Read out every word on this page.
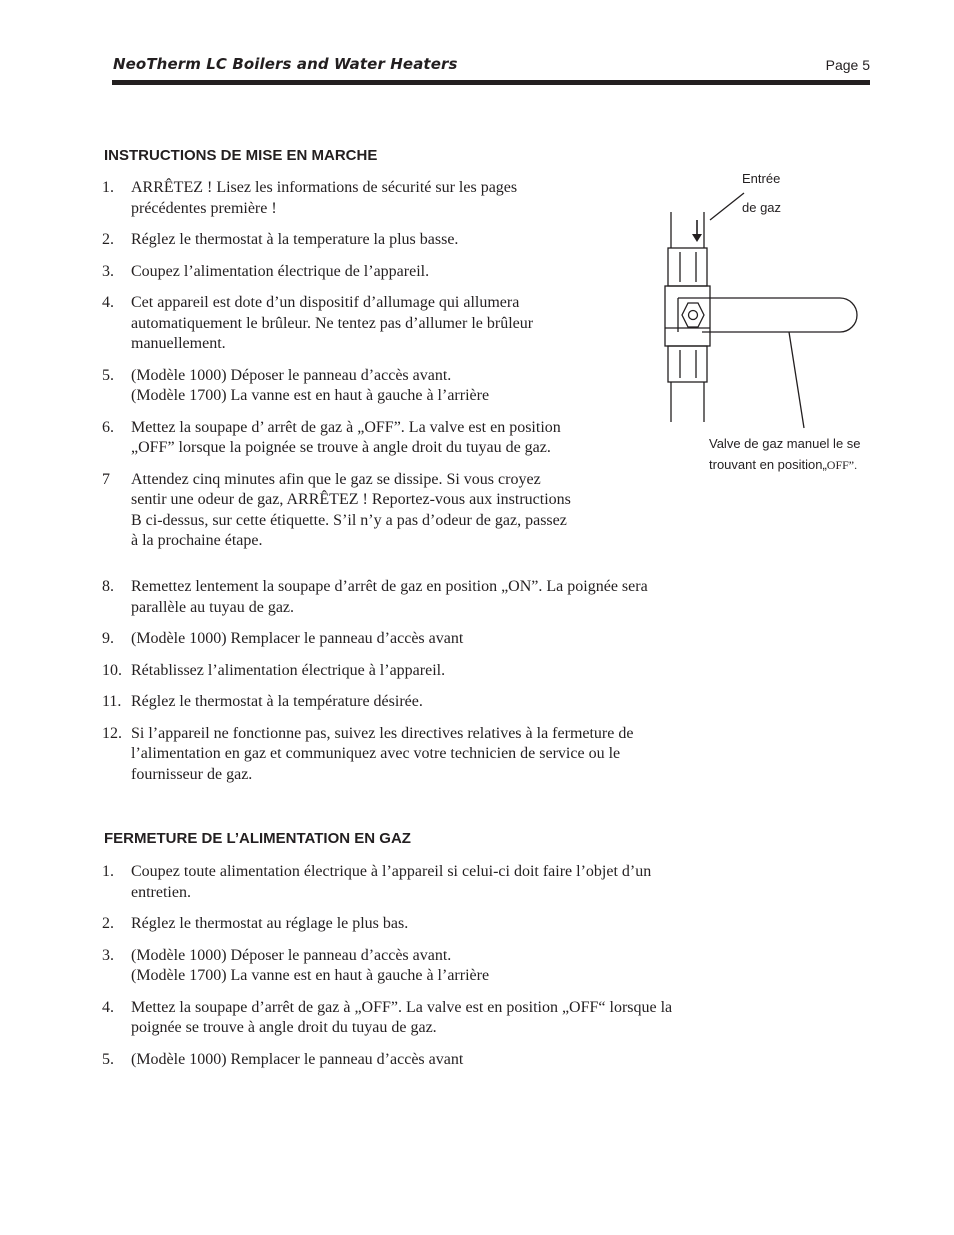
NeoTherm LC Boilers and Water Heaters	Page 5
INSTRUCTIONS DE MISE EN MARCHE
1. ARRÊTEZ ! Lisez les informations de sécurité sur les pages
précédentes première !
2. Réglez le thermostat à la temperature la plus basse.
3. Coupez l’alimentation électrique de l’appareil.
4. Cet appareil est dote d’un dispositif d’allumage qui allumera
automatiquement le brûleur. Ne tentez pas d’allumer le brûleur
manuellement.
5. (Modèle 1000) Déposer le panneau d’accès avant.
(Modèle 1700) La vanne est en haut à gauche à l’arrière
6. Mettez la soupape d’ arrêt de gaz à „OFF”. La valve est en position
„OFF” lorsque la poignée se trouve à angle droit du tuyau de gaz.
7 Attendez cinq minutes afin que le gaz se dissipe. Si vous croyez
sentir une odeur de gaz, ARRÊTEZ ! Reportez-vous aux instructions
B ci-dessus, sur cette étiquette. S’il n’y a pas d’odeur de gaz, passez
à la prochaine étape.
8. Remettez lentement la soupape d’arrêt de gaz en position „ON”. La poignée sera
parallèle au tuyau de gaz.
9. (Modèle 1000) Remplacer le panneau d’accès avant
10. Rétablissez l’alimentation électrique à l’appareil.
11. Réglez le thermostat à la température désirée.
12. Si l’appareil ne fonctionne pas, suivez les directives relatives à la fermeture de
l’alimentation en gaz et communiquez avec votre technicien de service ou le
fournisseur de gaz.
FERMETURE DE L’ALIMENTATION EN GAZ
1. Coupez toute alimentation électrique à l’appareil si celui-ci doit faire l’objet d’un
entretien.
2. Réglez le thermostat au réglage le plus bas.
3. (Modèle 1000) Déposer le panneau d’accès avant.
(Modèle 1700) La vanne est en haut à gauche à l’arrière
4. Mettez la soupape d’arrêt de gaz à „OFF”. La valve est en position „OFF“ lorsque la
poignée se trouve à angle droit du tuyau de gaz.
5. (Modèle 1000) Remplacer le panneau d’accès avant
Entrée
de gaz
Valve de gaz manuel le se
trouvant en position„OFF”.
